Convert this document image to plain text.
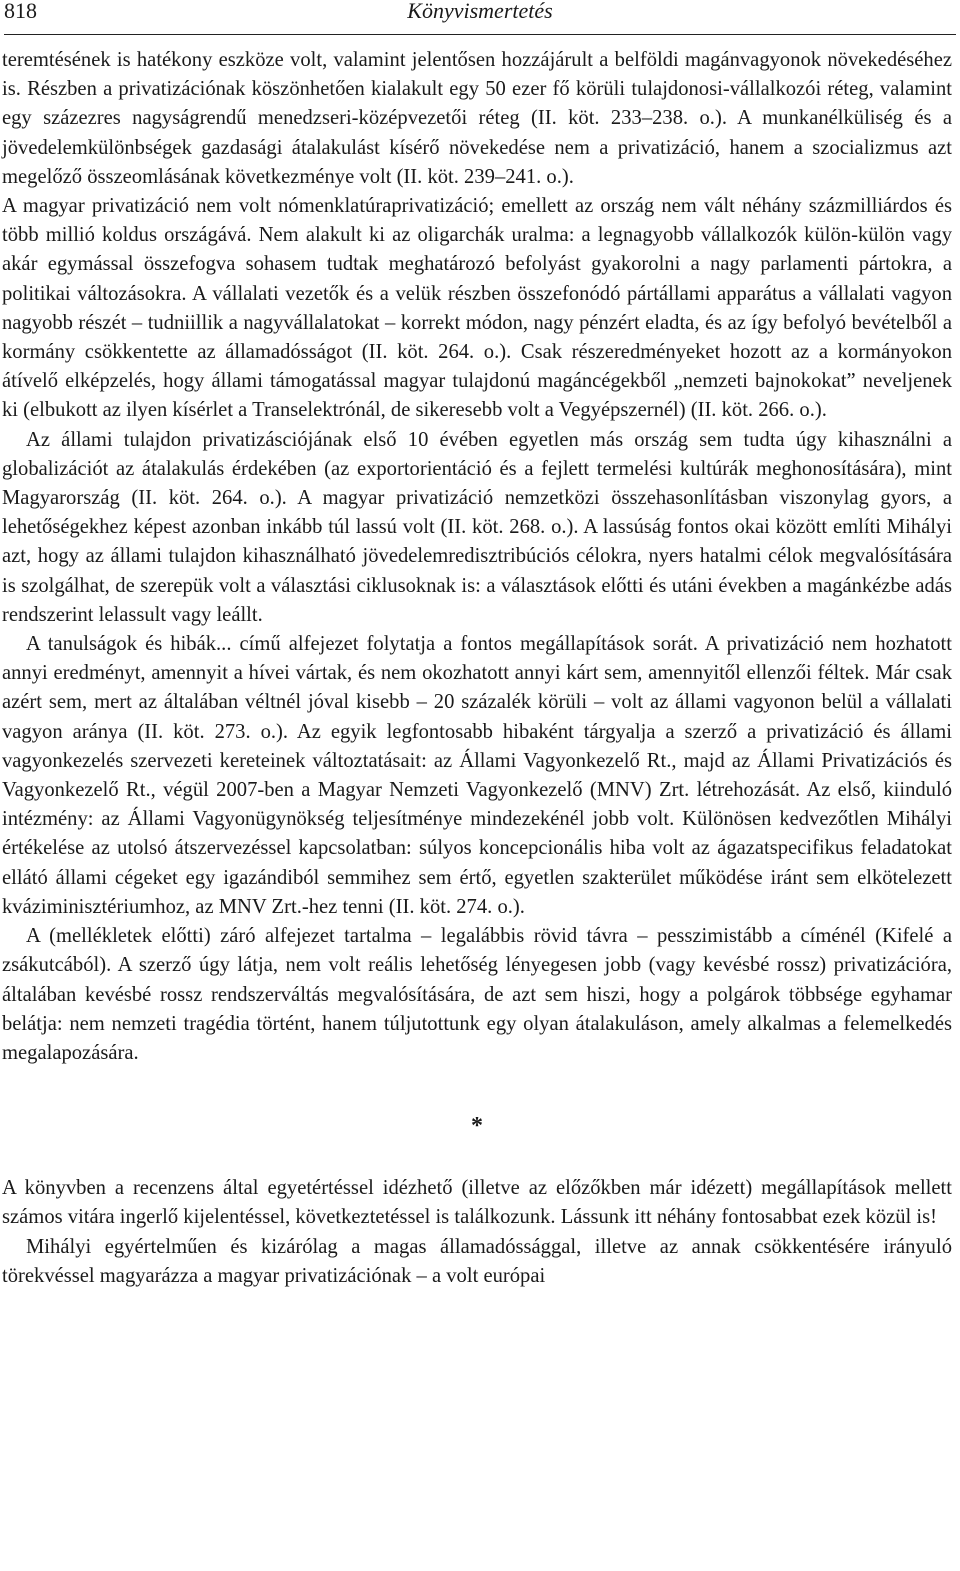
818	Könyvismertetés

teremtésének is hatékony eszköze volt, valamint jelentősen hozzájárult a belföldi magánvagyonok növekedéséhez is. Részben a privatizációnak köszönhetően kialakult egy 50 ezer fő körüli tulajdonosi-vállalkozói réteg, valamint egy százezres nagyságrendű menedzseri-középvezetői réteg (II. köt. 233–238. o.). A munkanélküliség és a jövedelemkülönbségek gazdasági átalakulást kísérő növekedése nem a privatizáció, hanem a szocializmus azt megelőző összeomlásának következménye volt (II. köt. 239–241. o.).

A magyar privatizáció nem volt nómenklatúraprivatizáció; emellett az ország nem vált néhány százmilliárdos és több millió koldus országává. Nem alakult ki az oligarchák uralma: a legnagyobb vállalkozók külön-külön vagy akár egymással összefogva sohasem tudtak meghatározó befolyást gyakorolni a nagy parlamenti pártokra, a politikai változásokra. A vállalati vezetők és a velük részben összefonódó pártállami apparátus a vállalati vagyon nagyobb részét – tudniillik a nagyvállalatokat – korrekt módon, nagy pénzért eladta, és az így befolyó bevételből a kormány csökkentette az államadósságot (II. köt. 264. o.). Csak részeredményeket hozott az a kormányokon átívelő elképzelés, hogy állami támogatással magyar tulajdonú magáncégekből „nemzeti bajnokokat” neveljenek ki (elbukott az ilyen kísérlet a Transelektrónál, de sikeresebb volt a Vegyépszernél) (II. köt. 266. o.).

Az állami tulajdon privatizásciójának első 10 évében egyetlen más ország sem tudta úgy kihasználni a globalizációt az átalakulás érdekében (az exportorientáció és a fejlett termelési kultúrák meghonosítására), mint Magyarország (II. köt. 264. o.). A magyar privatizáció nemzetközi összehasonlításban viszonylag gyors, a lehetőségekhez képest azonban inkább túl lassú volt (II. köt. 268. o.). A lassúság fontos okai között említi Mihályi azt, hogy az állami tulajdon kihasználható jövedelemredisztribúciós célokra, nyers hatalmi célok megvalósítására is szolgálhat, de szerepük volt a választási ciklusoknak is: a választások előtti és utáni években a magánkézbe adás rendszerint lelassult vagy leállt.

A tanulságok és hibák... című alfejezet folytatja a fontos megállapítások sorát. A privatizáció nem hozhatott annyi eredményt, amennyit a hívei vártak, és nem okozhatott annyi kárt sem, amennyitől ellenzői féltek. Már csak azért sem, mert az általában véltnél jóval kisebb – 20 százalék körüli – volt az állami vagyonon belül a vállalati vagyon aránya (II. köt. 273. o.). Az egyik legfontosabb hibaként tárgyalja a szerző a privatizáció és állami vagyonkezelés szervezeti kereteinek változtatásait: az Állami Vagyonkezelő Rt., majd az Állami Privatizációs és Vagyonkezelő Rt., végül 2007-ben a Magyar Nemzeti Vagyonkezelő (MNV) Zrt. létrehozását. Az első, kiinduló intézmény: az Állami Vagyonügynökség teljesítménye mindezekénél jobb volt. Különösen kedvezőtlen Mihályi értékelése az utolsó átszervezéssel kapcsolatban: súlyos koncepcionális hiba volt az ágazatspecifikus feladatokat ellátó állami cégeket egy igazándiból semmihez sem értő, egyetlen szakterület működése iránt sem elkötelezett kváziminisztériumhoz, az MNV Zrt.-hez tenni (II. köt. 274. o.).

A (mellékletek előtti) záró alfejezet tartalma – legalábbis rövid távra – pesszimistább a címénél (Kifelé a zsákutcából). A szerző úgy látja, nem volt reális lehetőség lényegesen jobb (vagy kevésbé rossz) privatizációra, általában kevésbé rossz rendszerváltás megvalósítására, de azt sem hiszi, hogy a polgárok többsége egyhamar belátja: nem nemzeti tragédia történt, hanem túljutottunk egy olyan átalakuláson, amely alkalmas a felemelkedés megalapozására.

*

A könyvben a recenzens által egyetértéssel idézhető (illetve az előzőkben már idézett) megállapítások mellett számos vitára ingerlő kijelentéssel, következtetéssel is találkozunk. Lássunk itt néhány fontosabbat ezek közül is!

Mihályi egyértelműen és kizárólag a magas államadóssággal, illetve az annak csökkentésére irányuló törekvéssel magyarázza a magyar privatizációnak – a volt európai
